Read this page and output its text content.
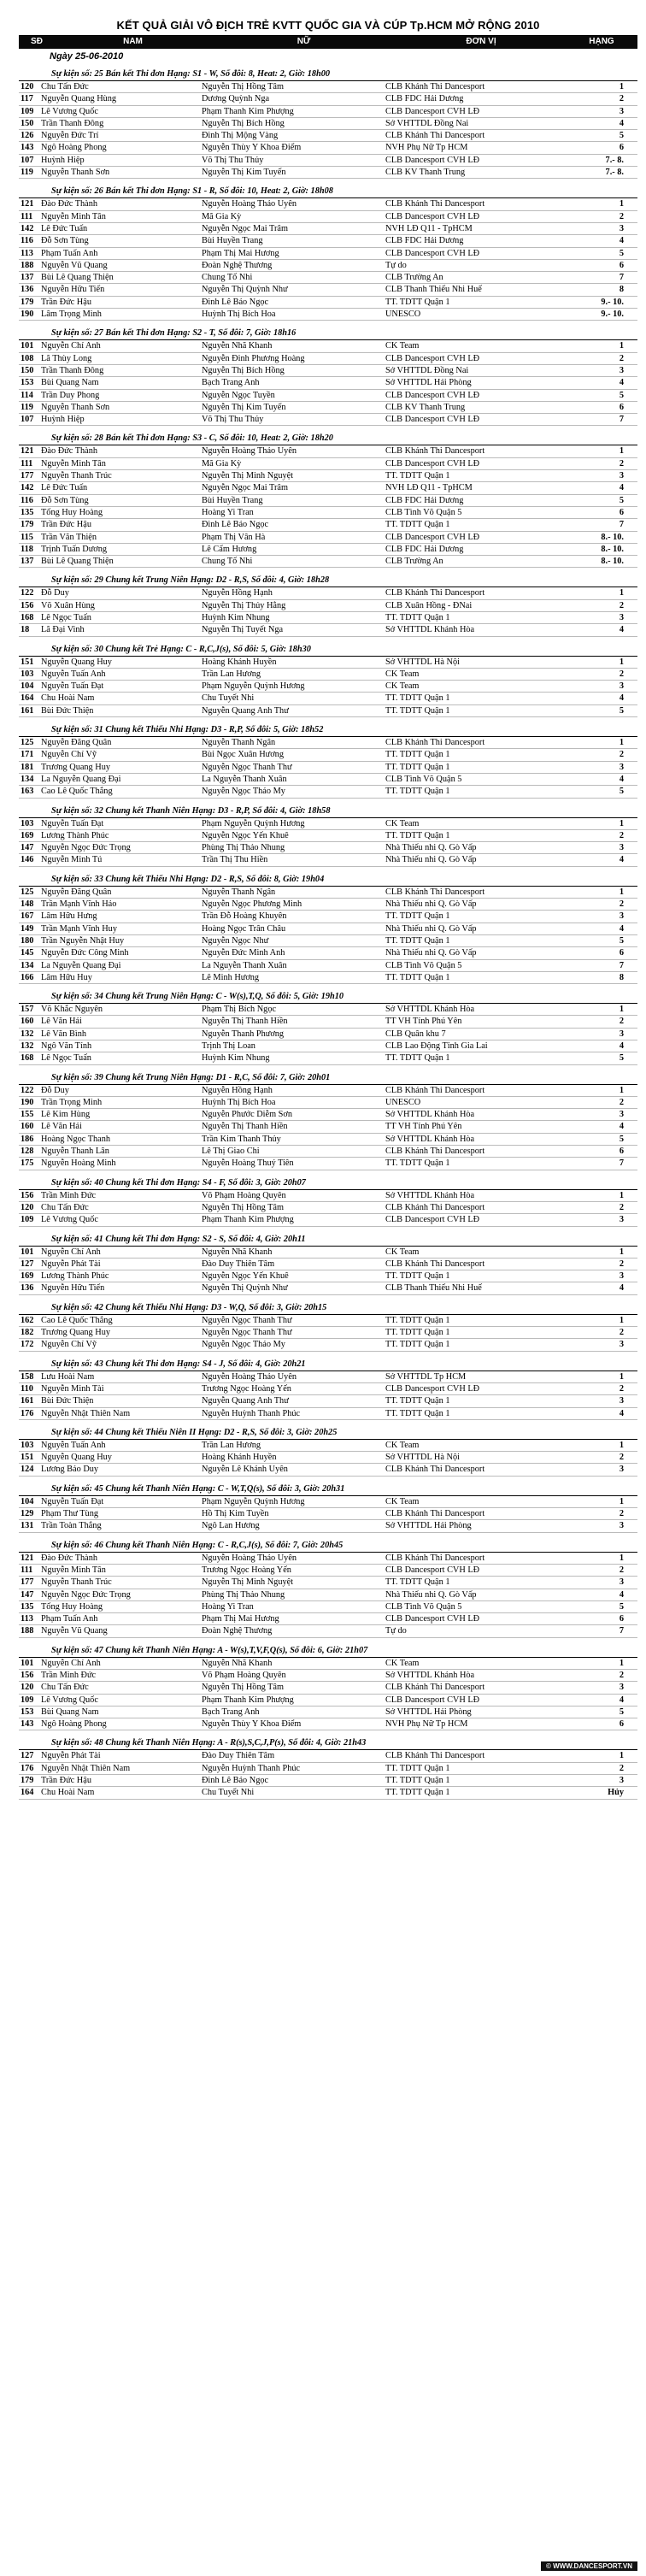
KẾT QUẢ GIẢI VÔ ĐỊCH TRẺ KVTT QUỐC GIA VÀ CÚP Tp.HCM MỞ RỘNG 2010
SĐ	NAM	NỮ	ĐƠN VỊ	HẠNG
Ngày 25-06-2010
Sự kiện số: 25 Bán kết Thi đơn Hạng: S1 - W, Số đôi: 8, Heat: 2, Giờ: 18h00
120 Chu Tấn Đức	Nguyễn Thị Hồng Tâm	CLB Khánh Thi Dancesport	1
117 Nguyễn Quang Hùng	Dương Quỳnh Nga	CLB FDC Hải Dương	2
109 Lê Vương Quốc	Phạm Thanh Kim Phượng	CLB Dancesport CVH LĐ	3
150 Trần Thanh Đông	Nguyễn Thị Bích Hồng	Sở VHTTDL Đồng Nai	4
126 Nguyễn Đức Trí	Đinh Thị Mộng Vàng	CLB Khánh Thi Dancesport	5
143 Ngô Hoàng Phong	Nguyễn Thùy Y Khoa Điểm	NVH Phụ Nữ Tp HCM	6
107 Huỳnh Hiệp	Võ Thị Thu Thủy	CLB Dancesport CVH LĐ	7.- 8.
119 Nguyễn Thanh Sơn	Nguyễn Thị Kim Tuyến	CLB KV Thanh Trung	7.- 8.
Sự kiện số: 26 Bán kết Thi đơn Hạng: S1 - R, Số đôi: 10, Heat: 2, Giờ: 18h08
121 Đào Đức Thành	Nguyễn Hoàng Thảo Uyên	CLB Khánh Thi Dancesport	1
111 Nguyễn Minh Tân	Mã Gia Kỳ	CLB Dancesport CVH LĐ	2
142 Lê Đức Tuấn	Nguyễn Ngọc Mai Trâm	NVH LĐ Q11 - TpHCM	3
116 Đỗ Sơn Tùng	Bùi Huyền Trang	CLB FDC Hải Dương	4
113 Phạm Tuấn Anh	Phạm Thị Mai Hương	CLB Dancesport CVH LĐ	5
188 Nguyễn Vũ Quang	Đoàn Nghệ Thương	Tự do	6
137 Bùi Lê Quang Thiện	Chung Tố Nhi	CLB Trường An	7
136 Nguyễn Hữu Tiến	Nguyễn Thị Quỳnh Như	CLB Thanh Thiếu Nhi Huế	8
179 Trần Đức Hậu	Đinh Lê Bảo Ngọc	TT. TDTT Quận 1	9.- 10.
190 Lâm Trọng Minh	Huỳnh Thị Bích Hoa	UNESCO	9.- 10.
Sự kiện số: 27 Bán kết Thi đơn Hạng: S2 - T, Số đôi: 7, Giờ: 18h16
101 Nguyễn Chí Anh	Nguyễn Nhã Khanh	CK Team	1
108 Lã Thùy Long	Nguyễn Đinh Phương Hoàng	CLB Dancesport CVH LĐ	2
150 Trần Thanh Đông	Nguyễn Thị Bích Hồng	Sở VHTTDL Đồng Nai	3
153 Bùi Quang Nam	Bạch Trang Anh	Sở VHTTDL Hải Phòng	4
114 Trần Duy Phong	Nguyễn Ngọc Tuyền	CLB Dancesport CVH LĐ	5
119 Nguyễn Thanh Sơn	Nguyễn Thị Kim Tuyến	CLB KV Thanh Trung	6
107 Huỳnh Hiệp	Võ Thị Thu Thủy	CLB Dancesport CVH LĐ	7
Sự kiện số: 28 Bán kết Thi đơn Hạng: S3 - C, Số đôi: 10, Heat: 2, Giờ: 18h20
121 Đào Đức Thành	Nguyễn Hoàng Thảo Uyên	CLB Khánh Thi Dancesport	1
111 Nguyễn Minh Tân	Mã Gia Kỳ	CLB Dancesport CVH LĐ	2
177 Nguyễn Thanh Trúc	Nguyễn Thị Minh Nguyệt	TT. TDTT Quận 1	3
142 Lê Đức Tuấn	Nguyễn Ngọc Mai Trâm	NVH LĐ Q11 - TpHCM	4
116 Đỗ Sơn Tùng	Bùi Huyền Trang	CLB FDC Hải Dương	5
135 Tống Huy Hoàng	Hoàng Yi Tran	CLB Tình Võ Quận 5	6
179 Trần Đức Hậu	Đinh Lê Bảo Ngọc	TT. TDTT Quận 1	7
115 Trần Văn Thiện	Phạm Thị Vân Hà	CLB Dancesport CVH LĐ	8.- 10.
118 Trịnh Tuấn Dương	Lê Cẩm Hương	CLB FDC Hải Dương	8.- 10.
137 Bùi Lê Quang Thiện	Chung Tố Nhi	CLB Trường An	8.- 10.
Sự kiện số: 29 Chung kết Trung Niên Hạng: D2 - R,S, Số đôi: 4, Giờ: 18h28
122 Đỗ Duy	Nguyễn Hồng Hạnh	CLB Khánh Thi Dancesport	1
156 Võ Xuân Hùng	Nguyễn Thị Thủy Hằng	CLB Xuân Hồng - ĐNai	2
168 Lê Ngọc Tuấn	Huỳnh Kim Nhung	TT. TDTT Quận 1	3
18	Lã Đại Vinh	Nguyễn Thị Tuyết Nga	Sở VHTTDL Khánh Hòa	4
Sự kiện số: 30 Chung kết Trẻ Hạng: C - R,C,J(s), Số đôi: 5, Giờ: 18h30
151 Nguyễn Quang Huy	Hoàng Khánh Huyền	Sở VHTTDL Hà Nội	1
103 Nguyễn Tuấn Anh	Trần Lan Hương	CK Team	2
104 Nguyễn Tuấn Đạt	Phạm Nguyễn Quỳnh Hương	CK Team	3
164 Chu Hoài Nam	Chu Tuyết Nhi	TT. TDTT Quận 1	4
161 Bùi Đức Thiện	Nguyễn Quang Anh Thư	TT. TDTT Quận 1	5
Sự kiện số: 31 Chung kết Thiếu Nhi Hạng: D3 - R,P, Số đôi: 5, Giờ: 18h52
125 Nguyễn Đăng Quân	Nguyễn Thanh Ngân	CLB Khánh Thi Dancesport	1
171 Nguyễn Chí Vỹ	Bùi Ngọc Xuân Hương	TT. TDTT Quận 1	2
181 Trương Quang Huy	Nguyễn Ngọc Thanh Thư	TT. TDTT Quận 1	3
134 La Nguyễn Quang Đại	La Nguyễn Thanh Xuân	CLB Tình Võ Quận 5	4
163 Cao Lê Quốc Thắng	Nguyễn Ngọc Thảo My	TT. TDTT Quận 1	5
Sự kiện số: 32 Chung kết Thanh Niên Hạng: D3 - R,P, Số đôi: 4, Giờ: 18h58
103 Nguyễn Tuấn Đạt	Phạm Nguyễn Quỳnh Hương	CK Team	1
169 Lương Thành Phúc	Nguyễn Ngọc Yến Khuê	TT. TDTT Quận 1	2
147 Nguyễn Ngọc Đức Trọng	Phùng Thị Thảo Nhung	Nhà Thiếu nhi Q. Gò Vấp	3
146 Nguyễn Minh Tú	Trần Thị Thu Hiền	Nhà Thiếu nhi Q. Gò Vấp	4
Sự kiện số: 33 Chung kết Thiếu Nhi Hạng: D2 - R,S, Số đôi: 8, Giờ: 19h04
125 Nguyễn Đăng Quân	Nguyễn Thanh Ngân	CLB Khánh Thi Dancesport	1
148 Trần Mạnh Vĩnh Hảo	Nguyễn Ngọc Phương Minh	Nhà Thiếu nhi Q. Gò Vấp	2
167 Lâm Hữu Hưng	Trần Đỗ Hoàng Khuyên	TT. TDTT Quận 1	3
149 Trần Mạnh Vĩnh Huy	Hoàng Ngọc Trân Châu	Nhà Thiếu nhi Q. Gò Vấp	4
180 Trần Nguyễn Nhật Huy	Nguyễn Ngọc Như	TT. TDTT Quận 1	5
145 Nguyễn Đức Công Minh	Nguyễn Đức Minh Anh	Nhà Thiếu nhi Q. Gò Vấp	6
134 La Nguyễn Quang Đại	La Nguyễn Thanh Xuân	CLB Tình Võ Quận 5	7
166 Lâm Hữu Huy	Lê Minh Hương	TT. TDTT Quận 1	8
Sự kiện số: 34 Chung kết Trung Niên Hạng: C - W(s),T,Q, Số đôi: 5, Giờ: 19h10
157 Võ Khắc Nguyên	Phạm Thị Bích Ngọc	Sở VHTTDL Khánh Hòa	1
160 Lê Văn Hải	Nguyễn Thị Thanh Hiền	TT VH Tỉnh Phú Yên	2
132 Lê Văn Bình	Nguyễn Thanh Phương	CLB Quân khu 7	3
132 Ngô Văn Tính	Trịnh Thị Loan	CLB Lao Động Tỉnh Gia Lai	4
168 Lê Ngọc Tuấn	Huỳnh Kim Nhung	TT. TDTT Quận 1	5
Sự kiện số: 39 Chung kết Trung Niên Hạng: D1 - R,C, Số đôi: 7, Giờ: 20h01
122 Đỗ Duy	Nguyễn Hồng Hạnh	CLB Khánh Thi Dancesport	1
190 Trần Trọng Minh	Huỳnh Thị Bích Hoa	UNESCO	2
155 Lê Kim Hùng	Nguyễn Phước Diễm Sơn	Sở VHTTDL Khánh Hòa	3
160 Lê Văn Hải	Nguyễn Thị Thanh Hiền	TT VH Tỉnh Phú Yên	4
186 Hoàng Ngọc Thanh	Trần Kim Thanh Thủy	Sở VHTTDL Khánh Hòa	5
128 Nguyễn Thanh Lân	Lê Thị Giao Chi	CLB Khánh Thi Dancesport	6
175 Nguyễn Hoàng Minh	Nguyễn Hoàng Thuý Tiên	TT. TDTT Quận 1	7
Sự kiện số: 40 Chung kết Thi đơn Hạng: S4 - F, Số đôi: 3, Giờ: 20h07
156 Trần Minh Đức	Võ Phạm Hoàng Quyên	Sở VHTTDL Khánh Hòa	1
120 Chu Tấn Đức	Nguyễn Thị Hồng Tâm	CLB Khánh Thi Dancesport	2
109 Lê Vương Quốc	Phạm Thanh Kim Phượng	CLB Dancesport CVH LĐ	3
Sự kiện số: 41 Chung kết Thi đơn Hạng: S2 - S, Số đôi: 4, Giờ: 20h11
101 Nguyễn Chí Anh	Nguyễn Nhã Khanh	CK Team	1
127 Nguyễn Phát Tài	Đào Duy Thiên Tâm	CLB Khánh Thi Dancesport	2
169 Lương Thành Phúc	Nguyễn Ngọc Yến Khuê	TT. TDTT Quận 1	3
136 Nguyễn Hữu Tiến	Nguyễn Thị Quỳnh Như	CLB Thanh Thiếu Nhi Huế	4
Sự kiện số: 42 Chung kết Thiếu Nhi Hạng: D3 - W,Q, Số đôi: 3, Giờ: 20h15
162 Cao Lê Quốc Thắng	Nguyễn Ngọc Thanh Thư	TT. TDTT Quận 1	1
182 Trương Quang Huy	Nguyễn Ngọc Thanh Thư	TT. TDTT Quận 1	2
172 Nguyễn Chí Vỹ	Nguyễn Ngọc Thảo My	TT. TDTT Quận 1	3
Sự kiện số: 43 Chung kết Thi đơn Hạng: S4 - J, Số đôi: 4, Giờ: 20h21
158 Lưu Hoài Nam	Nguyễn Hoàng Thảo Uyên	Sở VHTTDL Tp HCM	1
110 Nguyễn Minh Tài	Trương Ngọc Hoàng Yến	CLB Dancesport CVH LĐ	2
161 Bùi Đức Thiện	Nguyễn Quang Anh Thư	TT. TDTT Quận 1	3
176 Nguyễn Nhật Thiên Nam	Nguyễn Huỳnh Thanh Phúc	TT. TDTT Quận 1	4
Sự kiện số: 44 Chung kết Thiếu Niên II Hạng: D2 - R,S, Số đôi: 3, Giờ: 20h25
103 Nguyễn Tuấn Anh	Trần Lan Hương	CK Team	1
151 Nguyễn Quang Huy	Hoàng Khánh Huyền	Sở VHTTDL Hà Nội	2
124 Lương Bảo Duy	Nguyễn Lê Khánh Uyên	CLB Khánh Thi Dancesport	3
Sự kiện số: 45 Chung kết Thanh Niên Hạng: C - W,T,Q(s), Số đôi: 3, Giờ: 20h31
104 Nguyễn Tuấn Đạt	Phạm Nguyễn Quỳnh Hương	CK Team	1
129 Phạm Thư Tùng	Hồ Thị Kim Tuyền	CLB Khánh Thi Dancesport	2
131 Trần Toàn Thắng	Ngô Lan Hương	Sở VHTTDL Hải Phòng	3
Sự kiện số: 46 Chung kết Thanh Niên Hạng: C - R,C,J(s), Số đôi: 7, Giờ: 20h45
121 Đào Đức Thành	Nguyễn Hoàng Thảo Uyên	CLB Khánh Thi Dancesport	1
111 Nguyễn Minh Tân	Trương Ngọc Hoàng Yến	CLB Dancesport CVH LĐ	2
177 Nguyễn Thanh Trúc	Nguyễn Thị Minh Nguyệt	TT. TDTT Quận 1	3
147 Nguyễn Ngọc Đức Trọng	Phùng Thị Thảo Nhung	Nhà Thiếu nhi Q. Gò Vấp	4
135 Tống Huy Hoàng	Hoàng Yi Tran	CLB Tình Võ Quận 5	5
113 Phạm Tuấn Anh	Phạm Thị Mai Hương	CLB Dancesport CVH LĐ	6
188 Nguyễn Vũ Quang	Đoàn Nghệ Thương	Tự do	7
Sự kiện số: 47 Chung kết Thanh Niên Hạng: A - W(s),T,V,F,Q(s), Số đôi: 6, Giờ: 21h07
101 Nguyễn Chí Anh	Nguyễn Nhã Khanh	CK Team	1
156 Trần Minh Đức	Võ Phạm Hoàng Quyên	Sở VHTTDL Khánh Hòa	2
120 Chu Tấn Đức	Nguyễn Thị Hồng Tâm	CLB Khánh Thi Dancesport	3
109 Lê Vương Quốc	Phạm Thanh Kim Phượng	CLB Dancesport CVH LĐ	4
153 Bùi Quang Nam	Bạch Trang Anh	Sở VHTTDL Hải Phòng	5
143 Ngô Hoàng Phong	Nguyễn Thùy Y Khoa Điểm	NVH Phụ Nữ Tp HCM	6
Sự kiện số: 48 Chung kết Thanh Niên Hạng: A - R(s),S,C,J,P(s), Số đôi: 4, Giờ: 21h43
127 Nguyễn Phát Tài	Đào Duy Thiên Tâm	CLB Khánh Thi Dancesport	1
176 Nguyễn Nhật Thiên Nam	Nguyễn Huỳnh Thanh Phúc	TT. TDTT Quận 1	2
179 Trần Đức Hậu	Đinh Lê Bảo Ngọc	TT. TDTT Quận 1	3
164 Chu Hoài Nam	Chu Tuyết Nhi	TT. TDTT Quận 1	Hủy
© WWW.DANCESPORT.VN
